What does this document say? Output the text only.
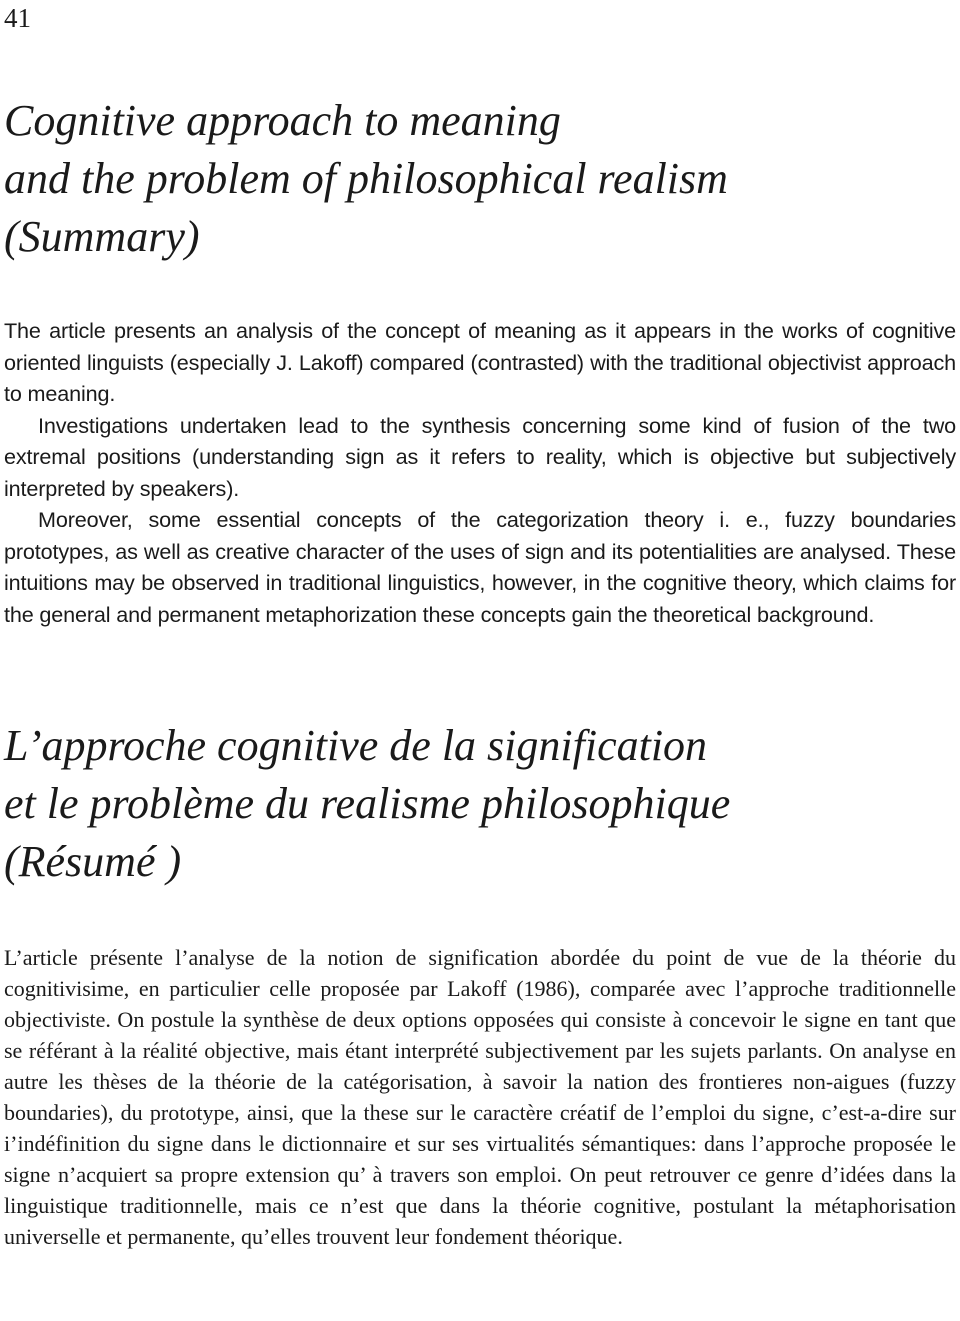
41
Cognitive approach to meaning
and the problem of philosophical realism
(Summary)

The article presents an analysis of the concept of meaning as it appears in the works of cognitive oriented linguists (especially J. Lakoff) compared (contrasted) with the traditional objectivist approach to meaning.

Investigations undertaken lead to the synthesis concerning some kind of fusion of the two extremal positions (understanding sign as it refers to reality, which is objective but subjectively interpreted by speakers).

Moreover, some essential concepts of the categorization theory i. e., fuzzy boundaries prototypes, as well as creative character of the uses of sign and its potentialities are analysed. These intuitions may be observed in traditional linguistics, however, in the cognitive theory, which claims for the general and permanent metaphorization these concepts gain the theoretical background.

L’approche cognitive de la signification
et le problème du realisme philosophique
(Résumé )

L’article présente l’analyse de la notion de signification abordée du point de vue de la théorie du cognitivisime, en particulier celle proposée par Lakoff (1986), comparée avec l’approche traditionnelle objectiviste. On postule la synthèse de deux options opposées qui consiste à concevoir le signe en tant que se référant à la réalité objective, mais étant interprété subjectivement par les sujets parlants. On analyse en autre les thèses de la théorie de la catégorisation, à savoir la nation des frontieres non-aigues (fuzzy boundaries), du prototype, ainsi, que la these sur le caractère créatif de l’emploi du signe, c’est-a-dire sur i’indéfinition du signe dans le dictionnaire et sur ses virtualités sémantiques: dans l’approche proposée le signe n’acquiert sa propre extension qu’ à travers son emploi. On peut retrouver ce genre d’idées dans la linguistique traditionnelle, mais ce n’est que dans la théorie cognitive, postulant la métaphorisation universelle et permanente, qu’elles trouvent leur fondement théorique.
